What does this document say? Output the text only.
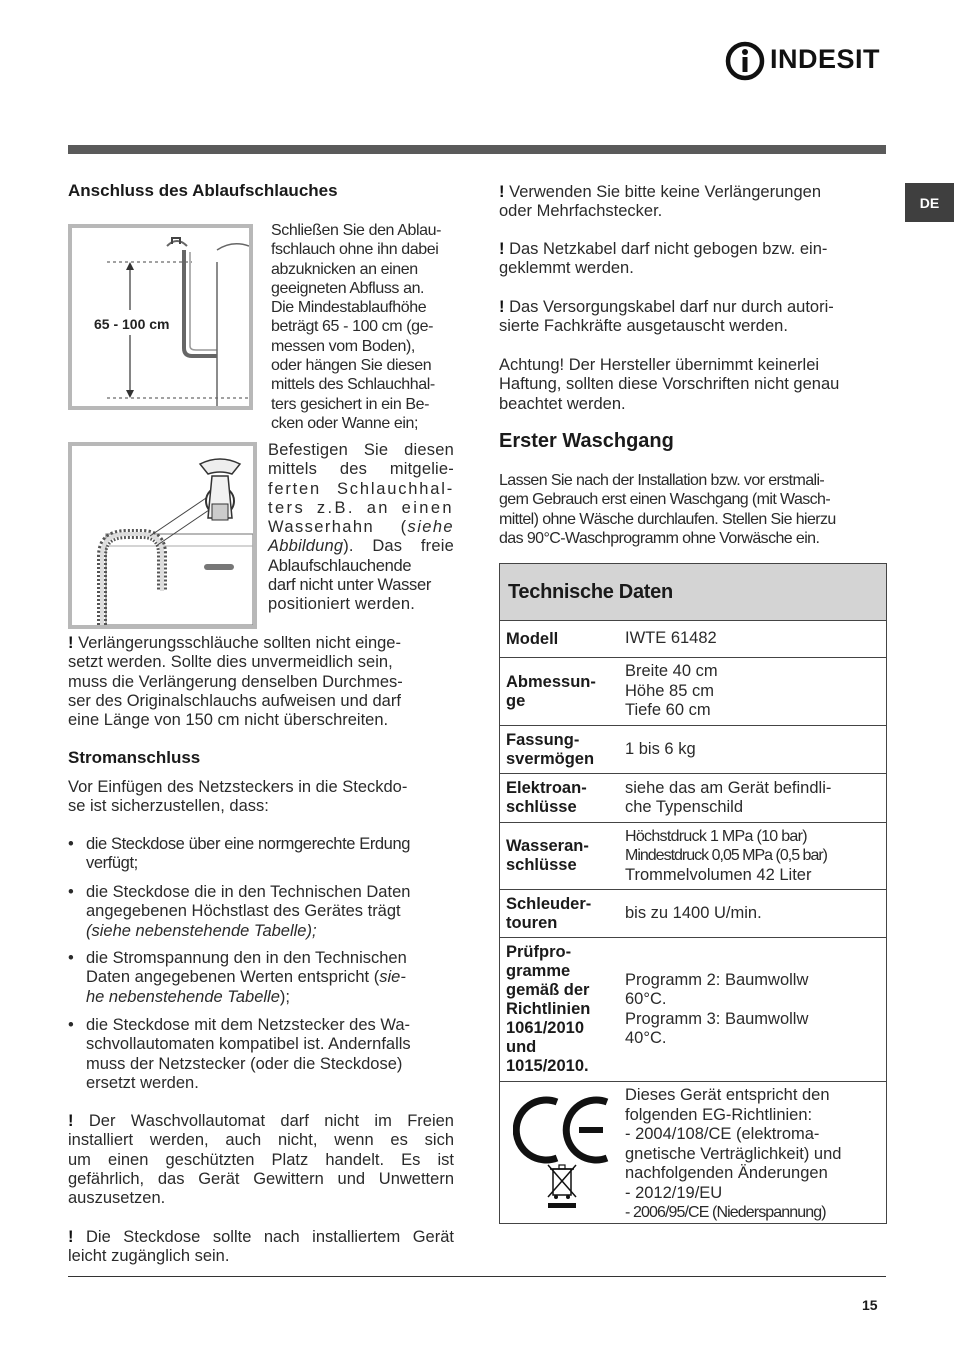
INDESIT
DE
Anschluss des Ablaufschlauches
65 - 100 cm
Schließen Sie den Ablau-
fschlauch ohne ihn dabei
abzuknicken an einen
geeigneten Abfluss an.
Die Mindestablaufhöhe
beträgt 65 - 100 cm (ge-
messen vom Boden),
oder hängen Sie diesen
mittels des Schlauchhal-
ters gesichert in ein Be-
cken oder Wanne ein;
Befestigen Sie diesen
mittels des mitgelie-
ferten Schlauchhal-
ters z.B. an einen
Wasserhahn (siehe
Abbildung). Das freie
Ablaufschlauchende
darf nicht unter Wasser
positioniert werden.
! Verlängerungsschläuche sollten nicht einge-
setzt werden. Sollte dies unvermeidlich sein,
muss die Verlängerung denselben Durchmes-
ser des Originalschlauchs aufweisen und darf
eine Länge von 150 cm nicht überschreiten.
Stromanschluss
Vor Einfügen des Netzsteckers in die Steckdo-
se ist sicherzustellen, dass:
• die Steckdose über eine normgerechte Erdung
verfügt;
• die Steckdose die in den Technischen Daten
angegebenen Höchstlast des Gerätes trägt
(siehe nebenstehende Tabelle);
• die Stromspannung den in den Technischen
Daten angegebenen Werten entspricht (sie-
he nebenstehende Tabelle);
• die Steckdose mit dem Netzstecker des Wa-
schvollautomaten kompatibel ist. Andernfalls
muss der Netzstecker (oder die Steckdose)
ersetzt werden.
! Der Waschvollautomat darf nicht im Freien
installiert werden, auch nicht, wenn es sich
um einen geschützten Platz handelt. Es ist
gefährlich, das Gerät Gewittern und Unwettern
auszusetzen.
! Die Steckdose sollte nach installiertem Gerät
leicht zugänglich sein.
! Verwenden Sie bitte keine Verlängerungen
oder Mehrfachstecker.
! Das Netzkabel darf nicht gebogen bzw. ein-
geklemmt werden.
! Das Versorgungskabel darf nur durch autori-
sierte Fachkräfte ausgetauscht werden.
Achtung! Der Hersteller übernimmt keinerlei
Haftung, sollten diese Vorschriften nicht genau
beachtet werden.
Erster Waschgang
Lassen Sie nach der Installation bzw. vor erstmali-
gem Gebrauch erst einen Waschgang (mit Wasch-
mittel) ohne Wäsche durchlaufen. Stellen Sie hierzu
das 90°C-Waschprogramm ohne Vorwäsche ein.
Technische Daten
Modell	IWTE 61482
Abmessun-
ge
Breite 40 cm
Höhe 85 cm
Tiefe 60 cm
Fassung-
svermögen
1 bis 6 kg
Elektroan-
schlüsse
siehe das am Gerät befindli-
che Typenschild
Wasseran-
schlüsse
Höchstdruck 1 MPa (10 bar)
Mindestdruck 0,05 MPa (0,5 bar)
Trommelvolumen 42 Liter
Schleuder-
touren
bis zu 1400 U/min.
Prüfpro-
gramme
gemäß der
Richtlinien
1061/2010
und
1015/2010.
Programm 2: Baumwollw
60°C.
Programm 3: Baumwollw
40°C.
Dieses Gerät entspricht den
folgenden EG-Richtlinien:
- 2004/108/CE (elektroma-
gnetische Verträglichkeit) und
nachfolgenden Änderungen
- 2012/19/EU
- 2006/95/CE (Niederspannung)
15
